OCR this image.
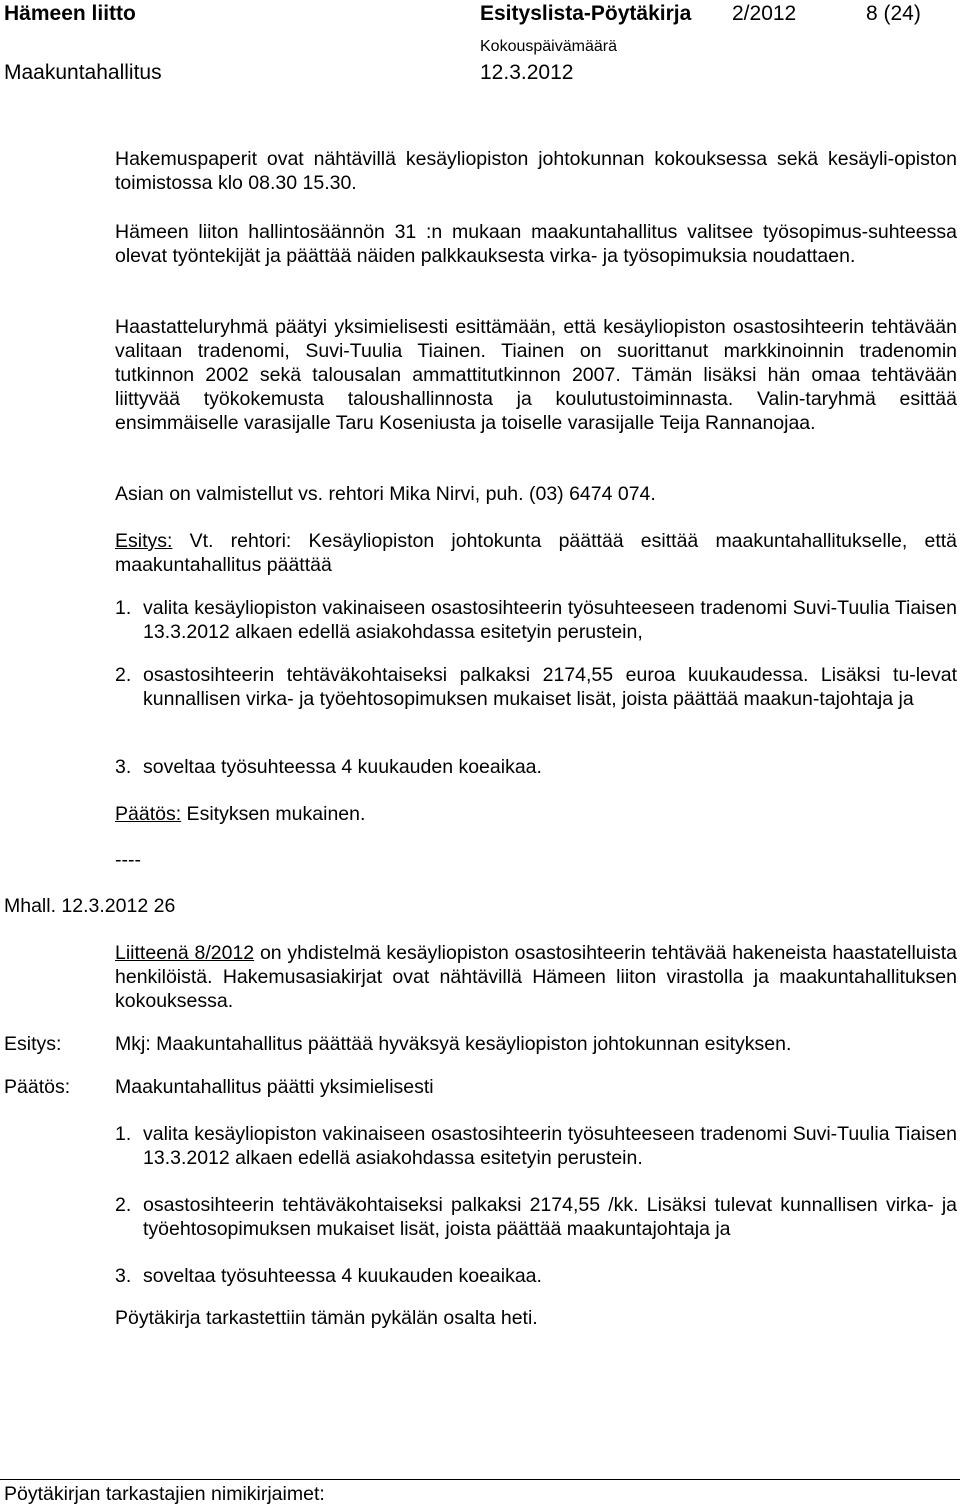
Hämeen liitto	Esityslista-Pöytäkirja 2/2012	8 (24)
Kokouspäivämäärä
Maakuntahallitus	12.3.2012
Hakemuspaperit ovat nähtävillä kesäyliopiston johtokunnan kokouksessa sekä kesäyli-opiston toimistossa klo 08.30 15.30.
Hämeen liiton hallintosäännön 31 :n mukaan maakuntahallitus valitsee työsopimus-suhteessa olevat työntekijät ja päättää näiden palkkauksesta virka- ja työsopimuksia noudattaen.
Haastatteluryhmä päätyi yksimielisesti esittämään, että kesäyliopiston osastosihteerin tehtävään valitaan tradenomi, Suvi-Tuulia Tiainen. Tiainen on suorittanut markkinoinnin tradenomin tutkinnon 2002 sekä talousalan ammattitutkinnon 2007. Tämän lisäksi hän omaa tehtävään liittyvää työkokemusta taloushallinnosta ja koulutustoiminnasta. Valin-taryhmä esittää ensimmäiselle varasijalle Taru Koseniusta ja toiselle varasijalle Teija Rannanojaa.
Asian on valmistellut vs. rehtori Mika Nirvi, puh. (03) 6474 074.
Esitys: Vt. rehtori: Kesäyliopiston johtokunta päättää esittää maakuntahallitukselle, että maakuntahallitus päättää
1. valita kesäyliopiston vakinaiseen osastosihteerin työsuhteeseen tradenomi Suvi-Tuulia Tiaisen 13.3.2012 alkaen edellä asiakohdassa esitetyin perustein,
2. osastosihteerin tehtäväkohtaiseksi palkaksi 2174,55 euroa kuukaudessa. Lisäksi tu-levat kunnallisen virka- ja työehtosopimuksen mukaiset lisät, joista päättää maakun-tajohtaja ja
3. soveltaa työsuhteessa 4 kuukauden koeaikaa.
Päätös: Esityksen mukainen.
----
Mhall. 12.3.2012 26
Liitteenä 8/2012 on yhdistelmä kesäyliopiston osastosihteerin tehtävää hakeneista haastatelluista henkilöistä. Hakemusasiakirjat ovat nähtävillä Hämeen liiton virastolla ja maakuntahallituksen kokouksessa.
Esitys:	Mkj: Maakuntahallitus päättää hyväksyä kesäyliopiston johtokunnan esityksen.
Päätös: Maakuntahallitus päätti yksimielisesti
1. valita kesäyliopiston vakinaiseen osastosihteerin työsuhteeseen tradenomi Suvi-Tuulia Tiaisen 13.3.2012 alkaen edellä asiakohdassa esitetyin perustein.
2. osastosihteerin tehtäväkohtaiseksi palkaksi 2174,55 /kk. Lisäksi tulevat kunnallisen virka- ja työehtosopimuksen mukaiset lisät, joista päättää maakuntajohtaja ja
3. soveltaa työsuhteessa 4 kuukauden koeaikaa.
Pöytäkirja tarkastettiin tämän pykälän osalta heti.
Pöytäkirjan tarkastajien nimikirjaimet:
